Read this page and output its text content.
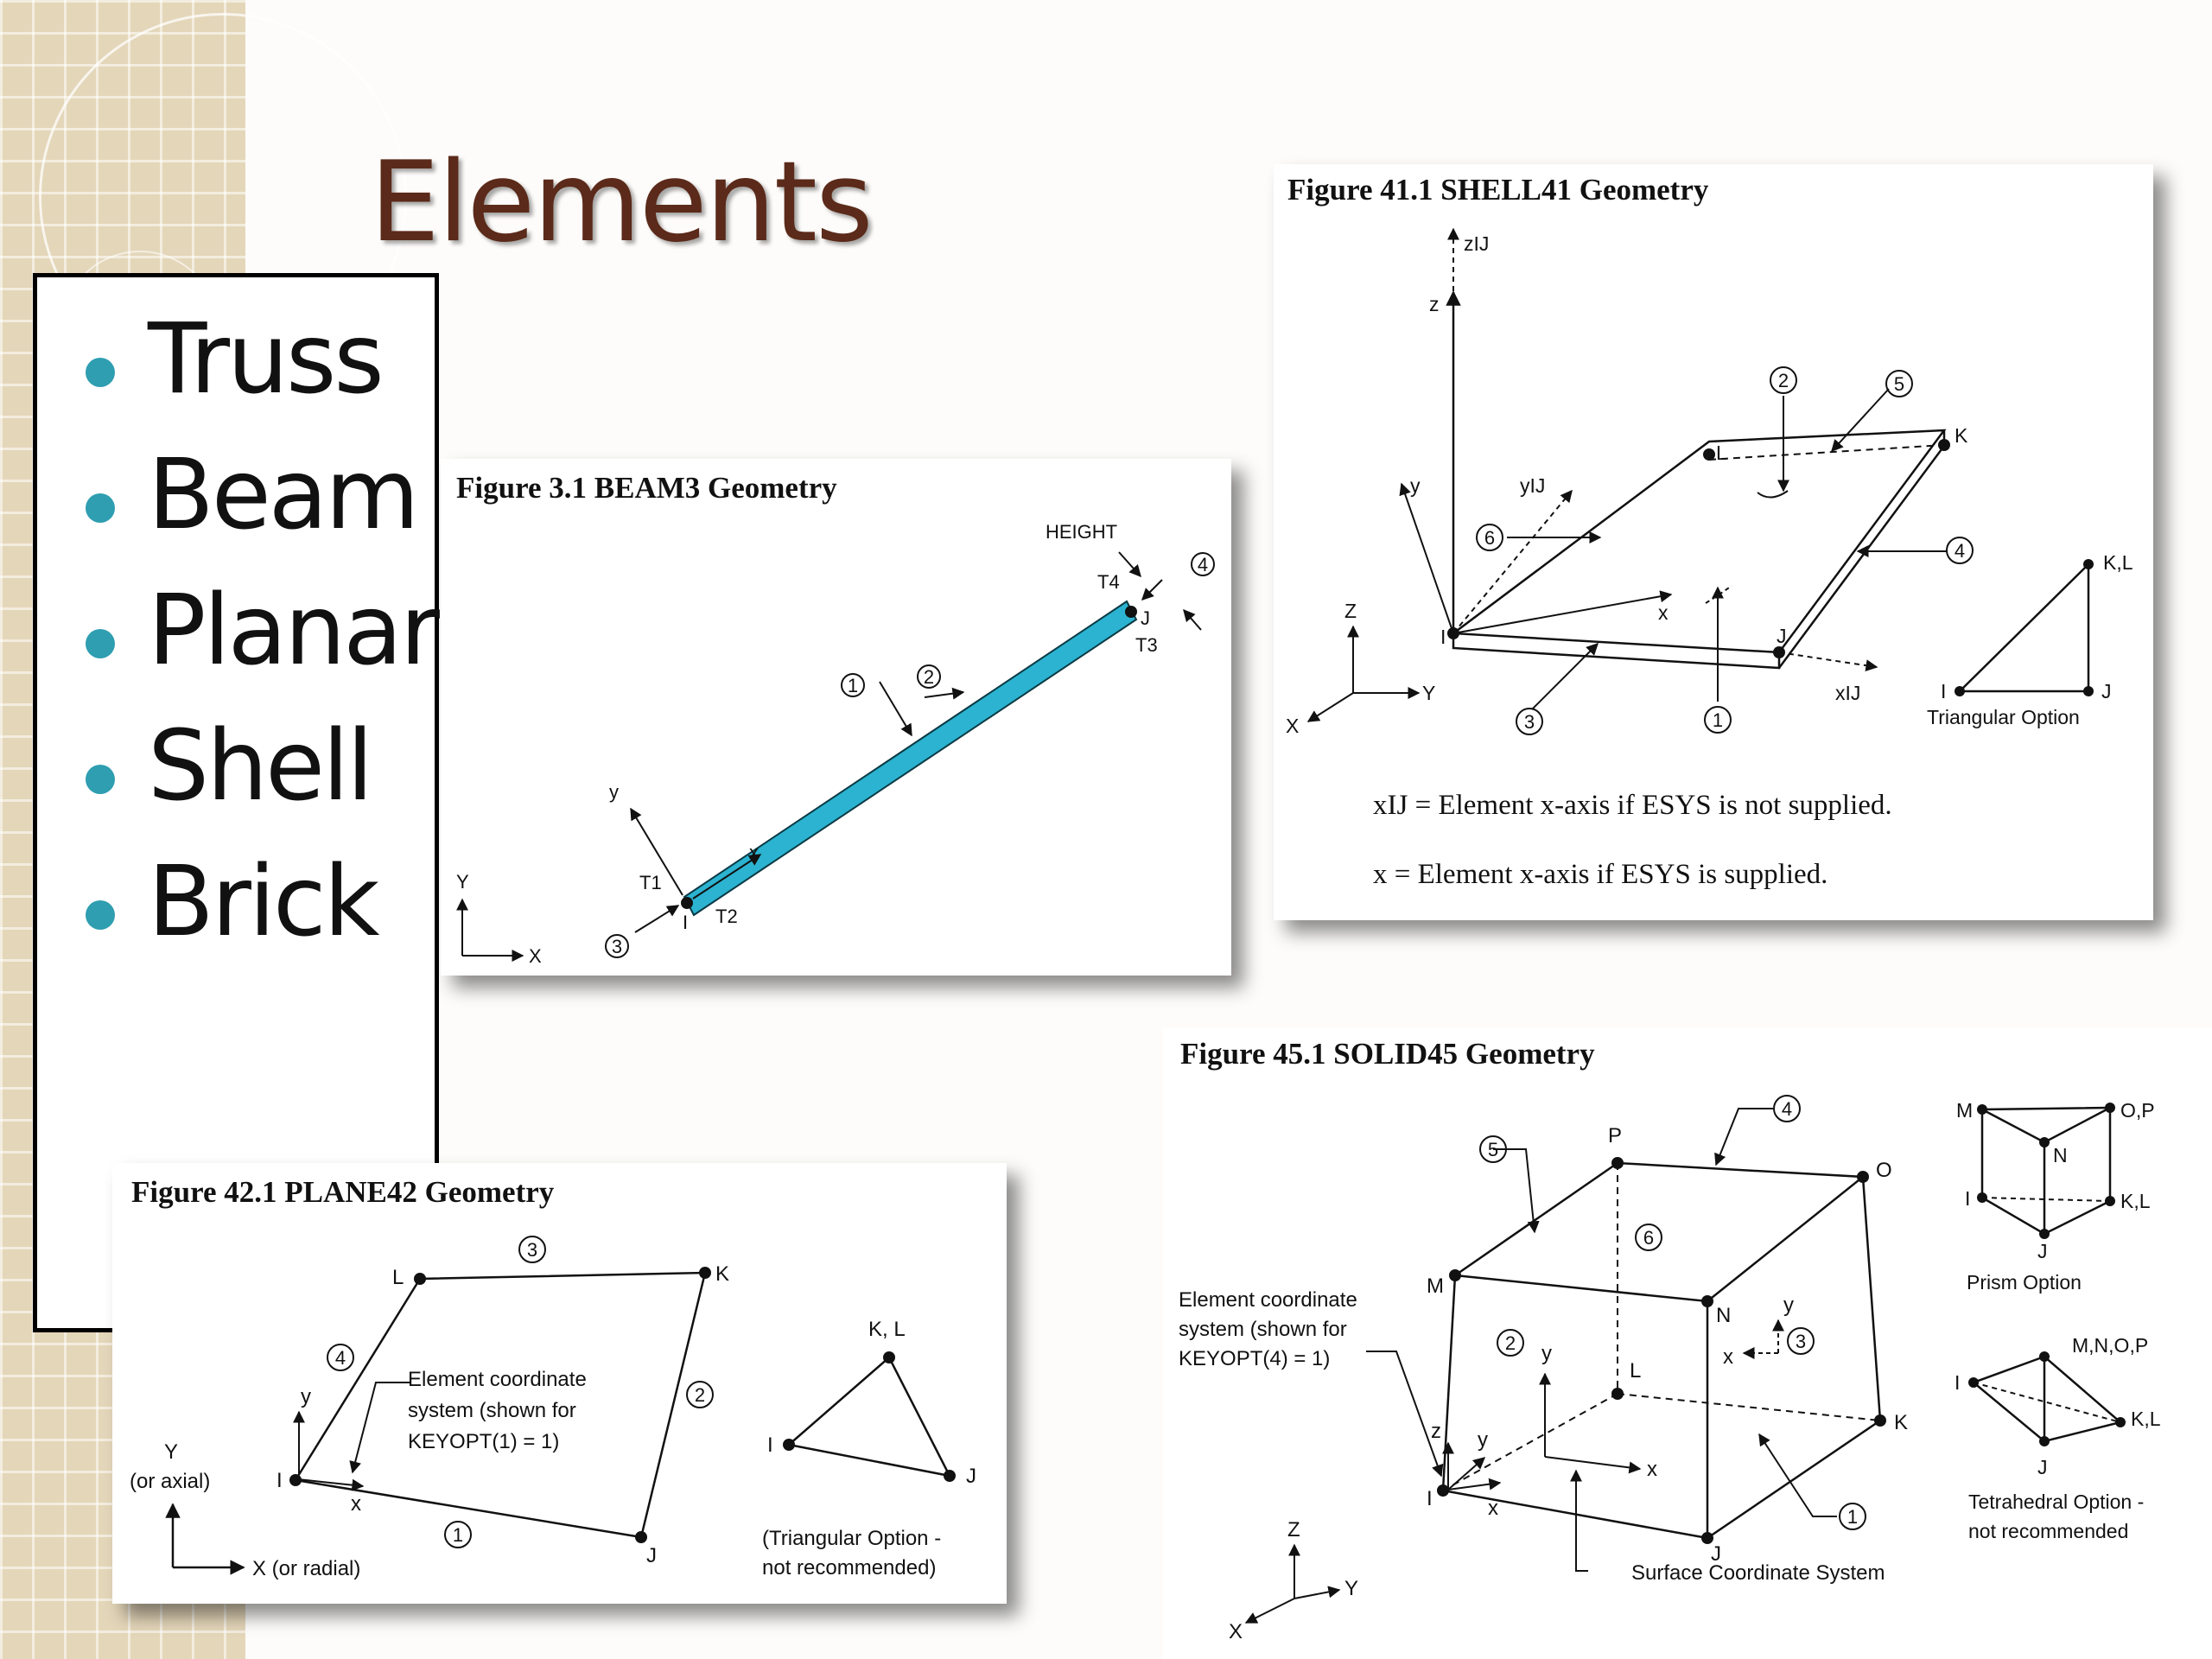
Elements
Truss
Beam
Planar
Shell
Brick
Figure 3.1 BEAM3 Geometry
1	2
3
4
HEIGHT
T4
J
T3
T1
T2
I
x
y
Y
X
Figure 41.1 SHELL41 Geometry
1
2
3
4
5
6
zIJ
z
y	yIJ
x
xIJ
I	J
K
L
Z
Y
X
K,L
I	J
Triangular Option
xIJ = Element x-axis if ESYS is not supplied.
x = Element x-axis if ESYS is supplied.
Figure 42.1 PLANE42 Geometry
1
2
3
4
L	K
I
J
x
y
Element coordinate
system (shown for
KEYOPT(1) = 1)
Y
(or axial)
X (or radial)
K, L
I
J
(Triangular Option -
not recommended)
Figure 45.1 SOLID45 Geometry
1
2	3
4
5
6
P
O
M
N
L
K
I
J
x
y
z
y
x
y
x
Element coordinate
system (shown for
KEYOPT(4) = 1)
Surface Coordinate System
Z
Y
X
M	O,P
N
I	K,L
J
Prism Option
M,N,O,P
I
K,L
J
Tetrahedral Option -
not recommended
